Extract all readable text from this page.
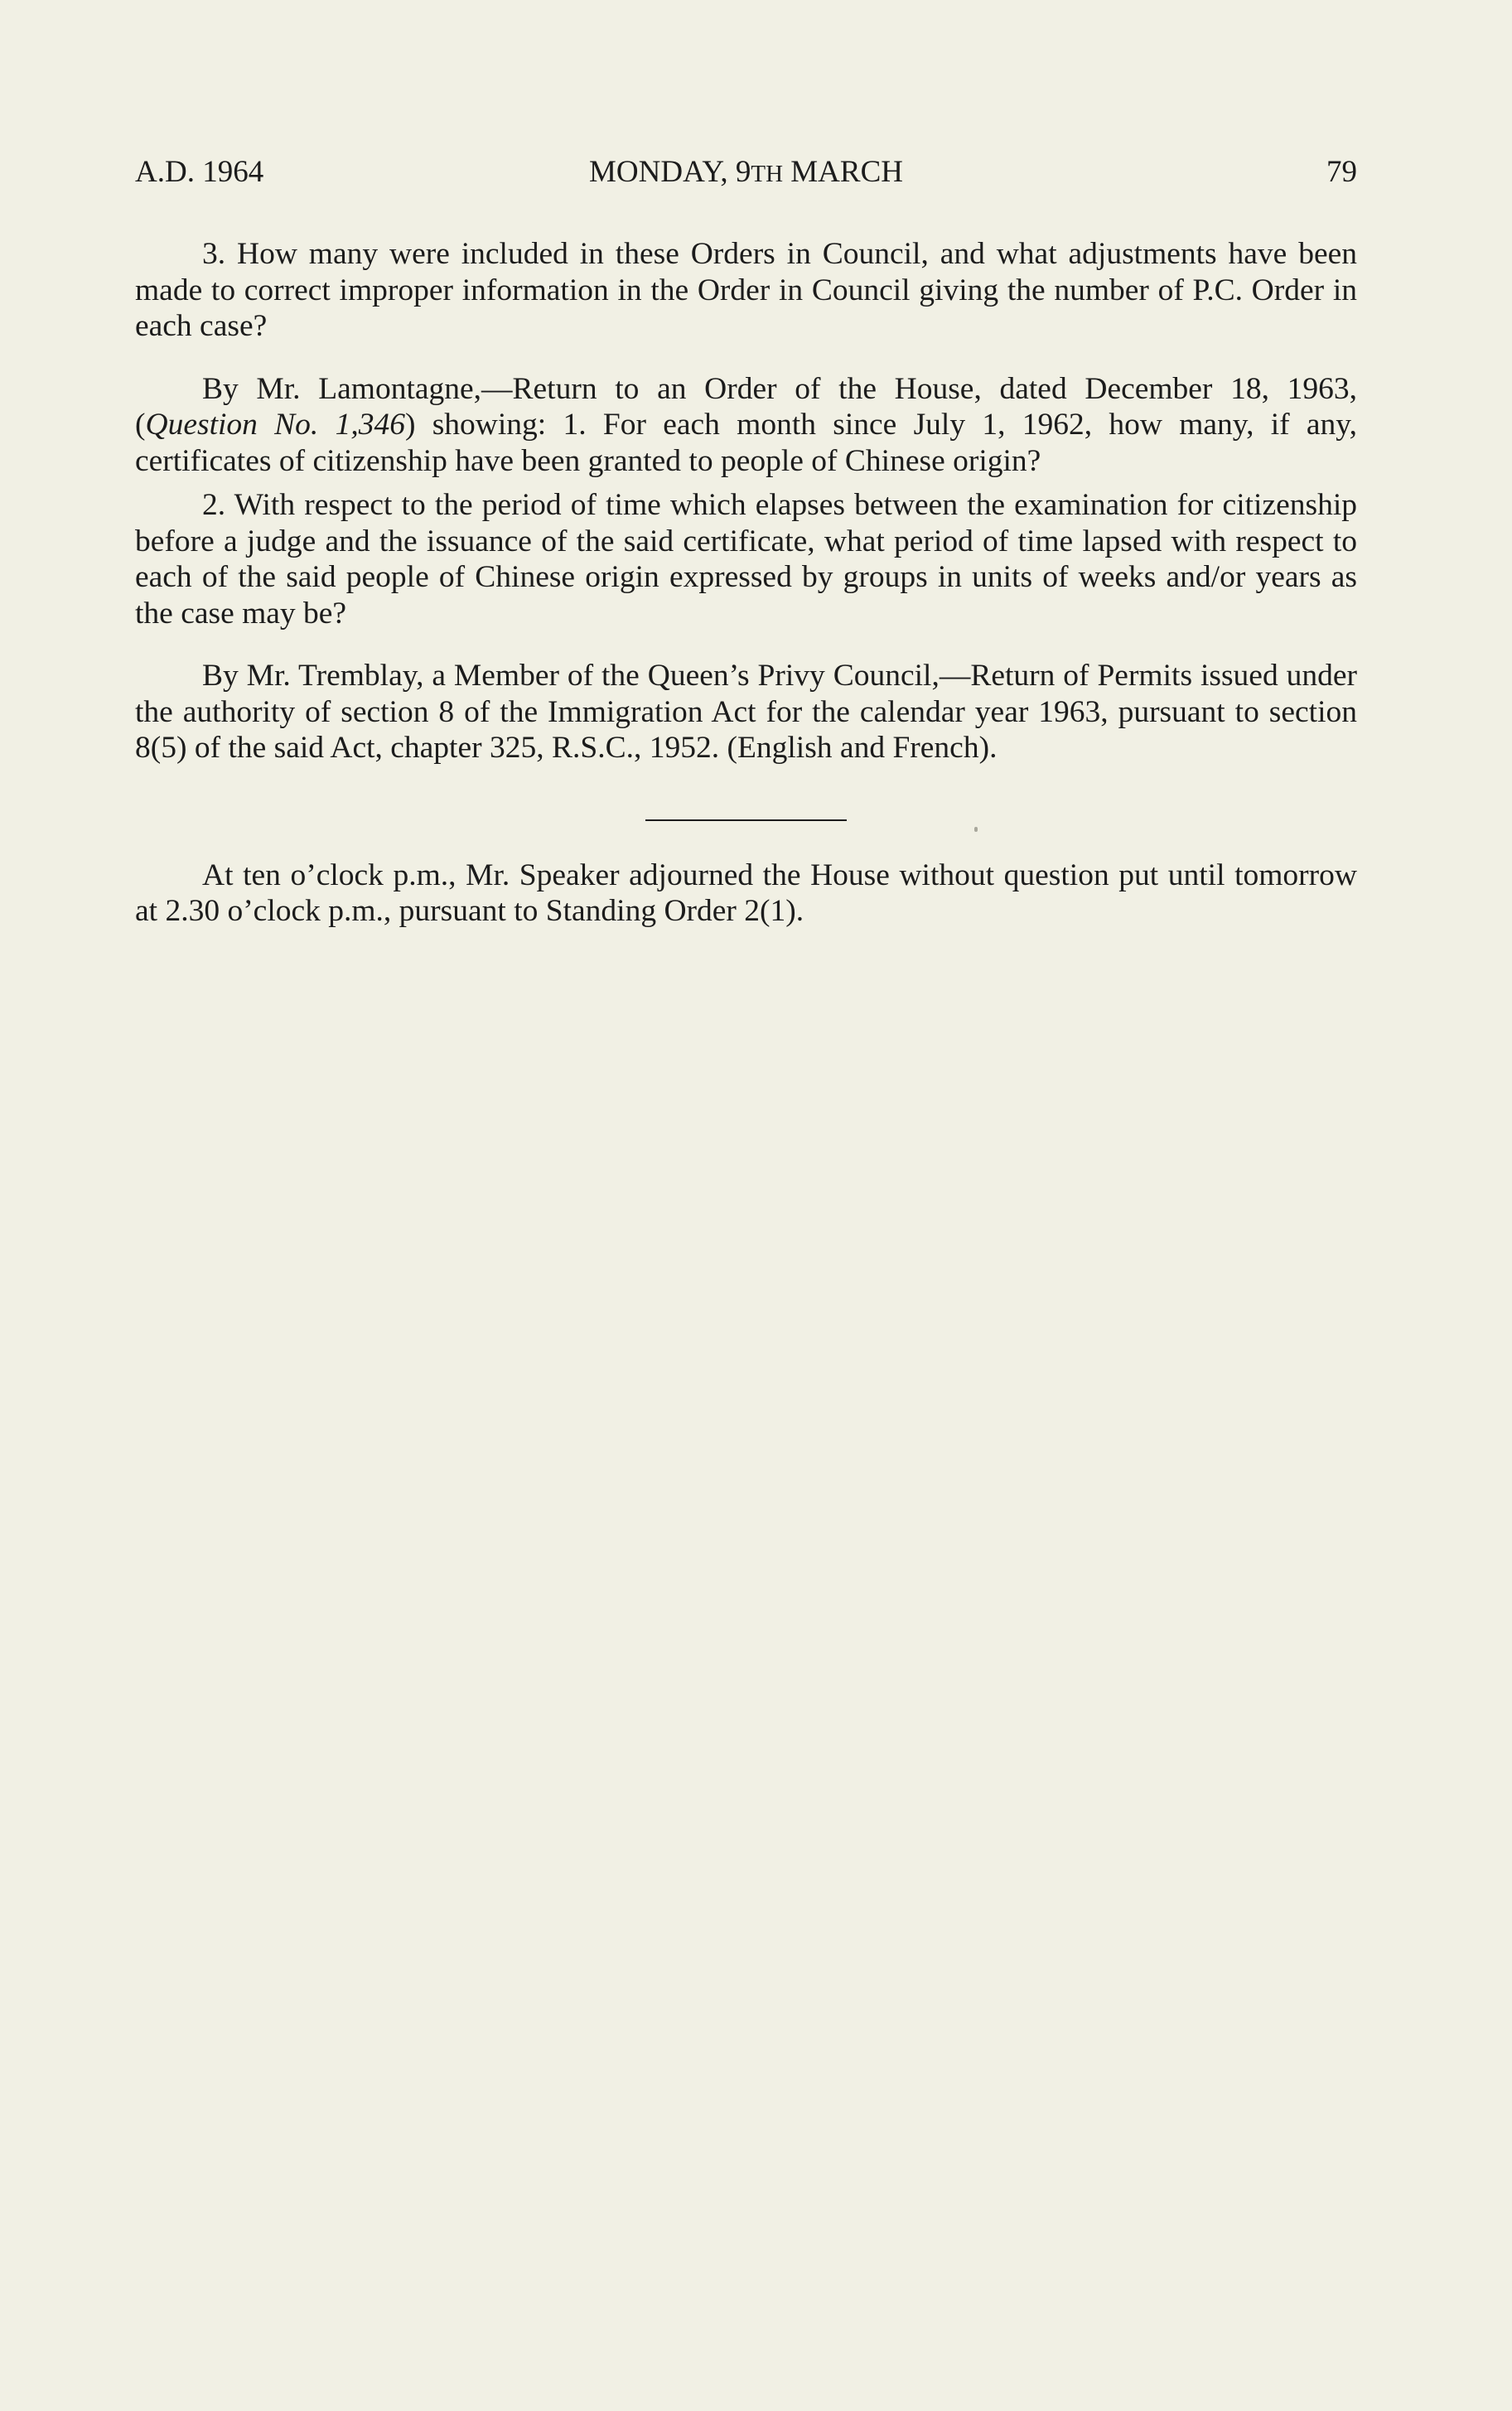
A.D. 1964	MONDAY, 9TH MARCH	79

3. How many were included in these Orders in Council, and what adjustments have been made to correct improper information in the Order in Council giving the number of P.C. Order in each case?

By Mr. Lamontagne,—Return to an Order of the House, dated December 18, 1963, (Question No. 1,346) showing: 1. For each month since July 1, 1962, how many, if any, certificates of citizenship have been granted to people of Chinese origin?

2. With respect to the period of time which elapses between the examination for citizenship before a judge and the issuance of the said certificate, what period of time lapsed with respect to each of the said people of Chinese origin expressed by groups in units of weeks and/or years as the case may be?

By Mr. Tremblay, a Member of the Queen’s Privy Council,—Return of Permits issued under the authority of section 8 of the Immigration Act for the calendar year 1963, pursuant to section 8(5) of the said Act, chapter 325, R.S.C., 1952. (English and French).

At ten o’clock p.m., Mr. Speaker adjourned the House without question put until tomorrow at 2.30 o’clock p.m., pursuant to Standing Order 2(1).
